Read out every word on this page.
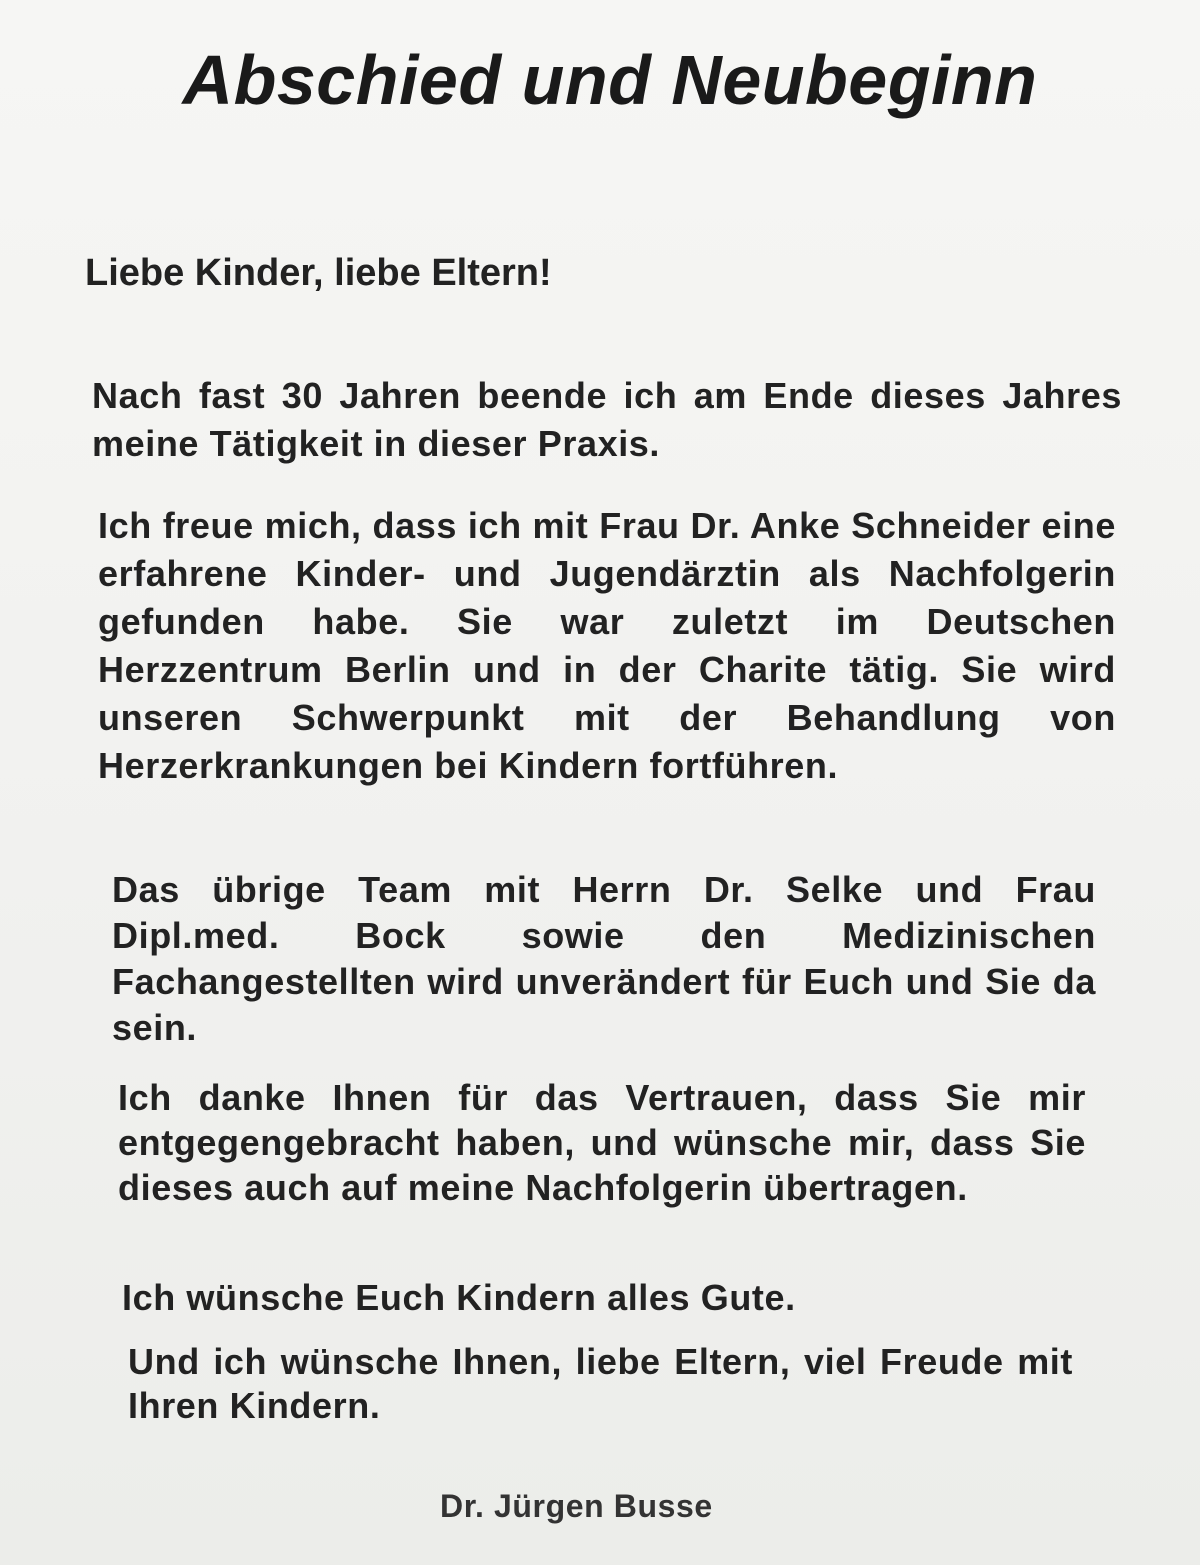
Abschied und Neubeginn
Liebe Kinder, liebe Eltern!
Nach fast 30 Jahren beende ich am Ende dieses Jahres meine Tätigkeit in dieser Praxis.
Ich freue mich, dass ich mit Frau Dr. Anke Schneider eine erfahrene Kinder- und Jugendärztin als Nachfolgerin gefunden habe. Sie war zuletzt im Deutschen Herzzentrum Berlin und in der Charite tätig. Sie wird unseren Schwerpunkt mit der Behandlung von Herzerkrankungen bei Kindern fortführen.
Das übrige Team mit Herrn Dr. Selke und Frau Dipl.med. Bock sowie den Medizinischen Fachangestellten wird unverändert für Euch und Sie da sein.
Ich danke Ihnen für das Vertrauen, dass Sie mir entgegengebracht haben, und wünsche mir, dass Sie dieses auch auf meine Nachfolgerin übertragen.
Ich wünsche Euch Kindern alles Gute.
Und ich wünsche Ihnen, liebe Eltern, viel Freude mit Ihren Kindern.
Dr. Jürgen Busse
